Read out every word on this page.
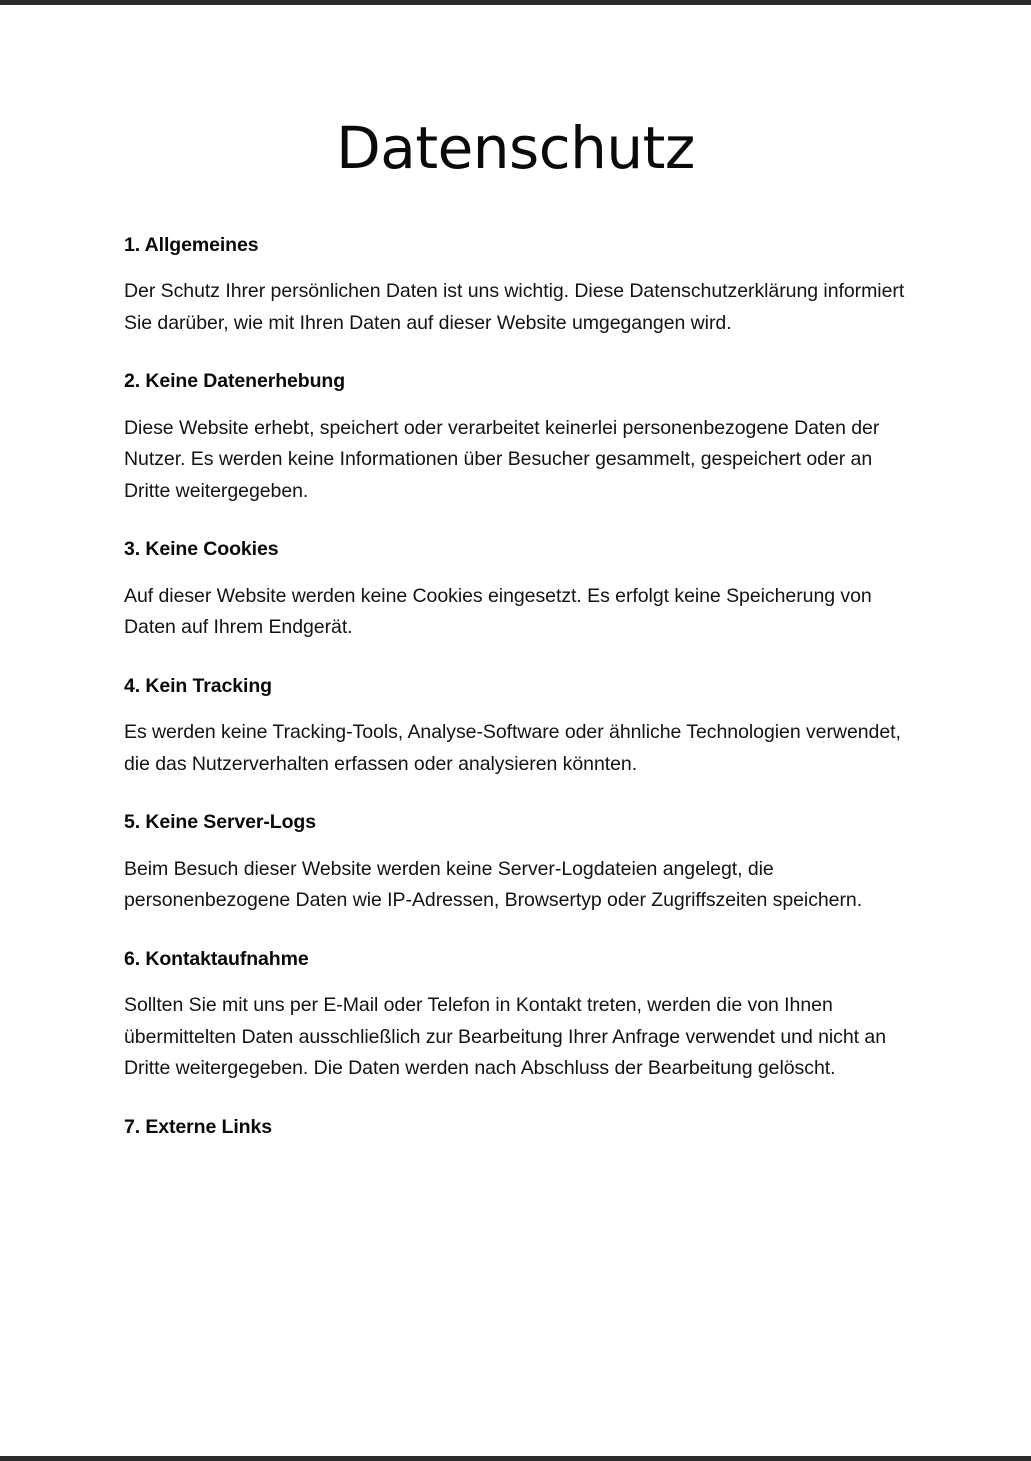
Datenschutz
1. Allgemeines

Der Schutz Ihrer persönlichen Daten ist uns wichtig. Diese Datenschutzerklärung informiert Sie darüber, wie mit Ihren Daten auf dieser Website umgegangen wird.

2. Keine Datenerhebung

Diese Website erhebt, speichert oder verarbeitet keinerlei personenbezogene Daten der Nutzer. Es werden keine Informationen über Besucher gesammelt, gespeichert oder an Dritte weitergegeben.

3. Keine Cookies

Auf dieser Website werden keine Cookies eingesetzt. Es erfolgt keine Speicherung von Daten auf Ihrem Endgerät.

4. Kein Tracking

Es werden keine Tracking-Tools, Analyse-Software oder ähnliche Technologien verwendet, die das Nutzerverhalten erfassen oder analysieren könnten.

5. Keine Server-Logs

Beim Besuch dieser Website werden keine Server-Logdateien angelegt, die personenbezogene Daten wie IP-Adressen, Browsertyp oder Zugriffszeiten speichern.

6. Kontaktaufnahme

Sollten Sie mit uns per E-Mail oder Telefon in Kontakt treten, werden die von Ihnen übermittelten Daten ausschließlich zur Bearbeitung Ihrer Anfrage verwendet und nicht an Dritte weitergegeben. Die Daten werden nach Abschluss der Bearbeitung gelöscht.

7. Externe Links
